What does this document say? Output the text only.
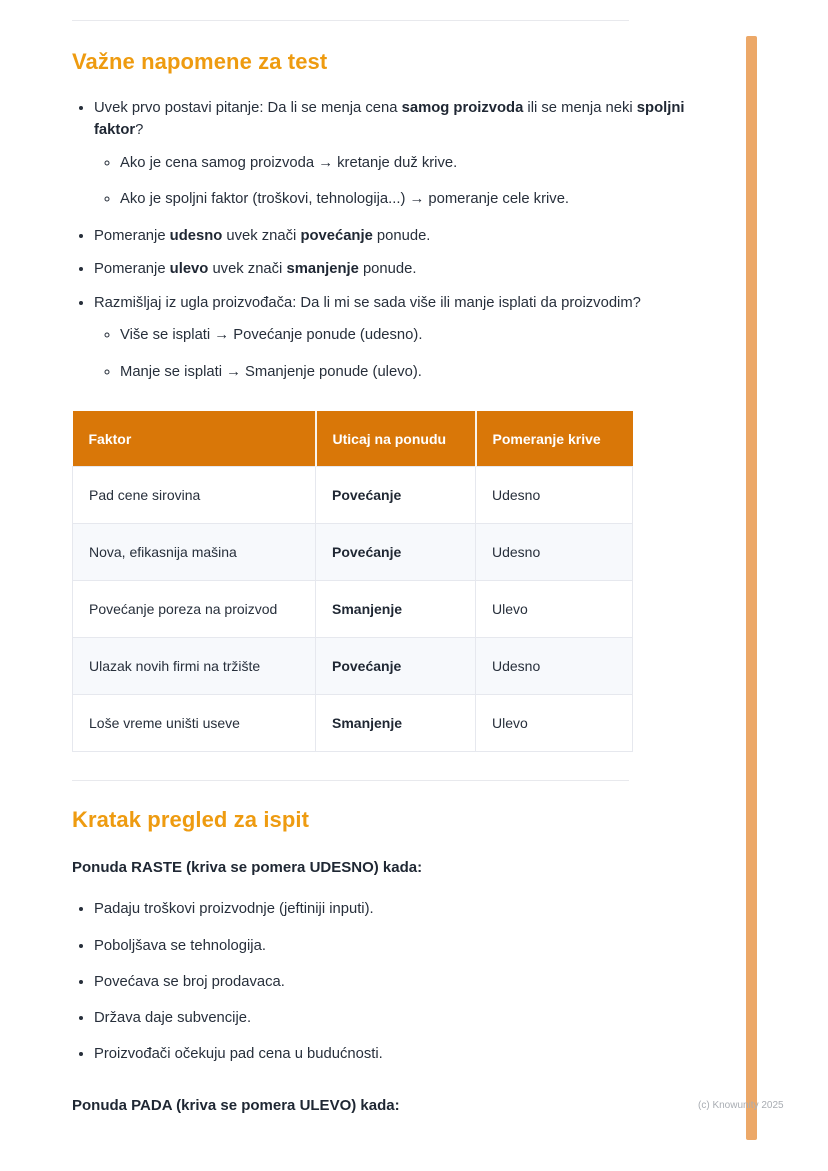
Važne napomene za test
• Uvek prvo postavi pitanje: Da li se menja cena samog proizvoda ili se menja neki spoljni faktor?
◦ Ako je cena samog proizvoda → kretanje duž krive.
◦ Ako je spoljni faktor (troškovi, tehnologija...) → pomeranje cele krive.
• Pomeranje udesno uvek znači povećanje ponude.
• Pomeranje ulevo uvek znači smanjenje ponude.
• Razmišljaj iz ugla proizvođača: Da li mi se sada više ili manje isplati da proizvodim?
◦ Više se isplati → Povećanje ponude (udesno).
◦ Manje se isplati → Smanjenje ponude (ulevo).
Faktor	Uticaj na ponudu	Pomeranje krive
Pad cene sirovina	Povećanje	Udesno
Nova, efikasnija mašina	Povećanje	Udesno
Povećanje poreza na proizvod	Smanjenje	Ulevo
Ulazak novih firmi na tržište	Povećanje	Udesno
Loše vreme uništi useve	Smanjenje	Ulevo
Kratak pregled za ispit

Ponuda RASTE (kriva se pomera UDESNO) kada:

• Padaju troškovi proizvodnje (jeftiniji inputi).
• Poboljšava se tehnologija.
• Povećava se broj prodavaca.
• Država daje subvencije.
• Proizvođači očekuju pad cena u budućnosti.

Ponuda PADA (kriva se pomera ULEVO) kada:	(c) Knowunity 2025
